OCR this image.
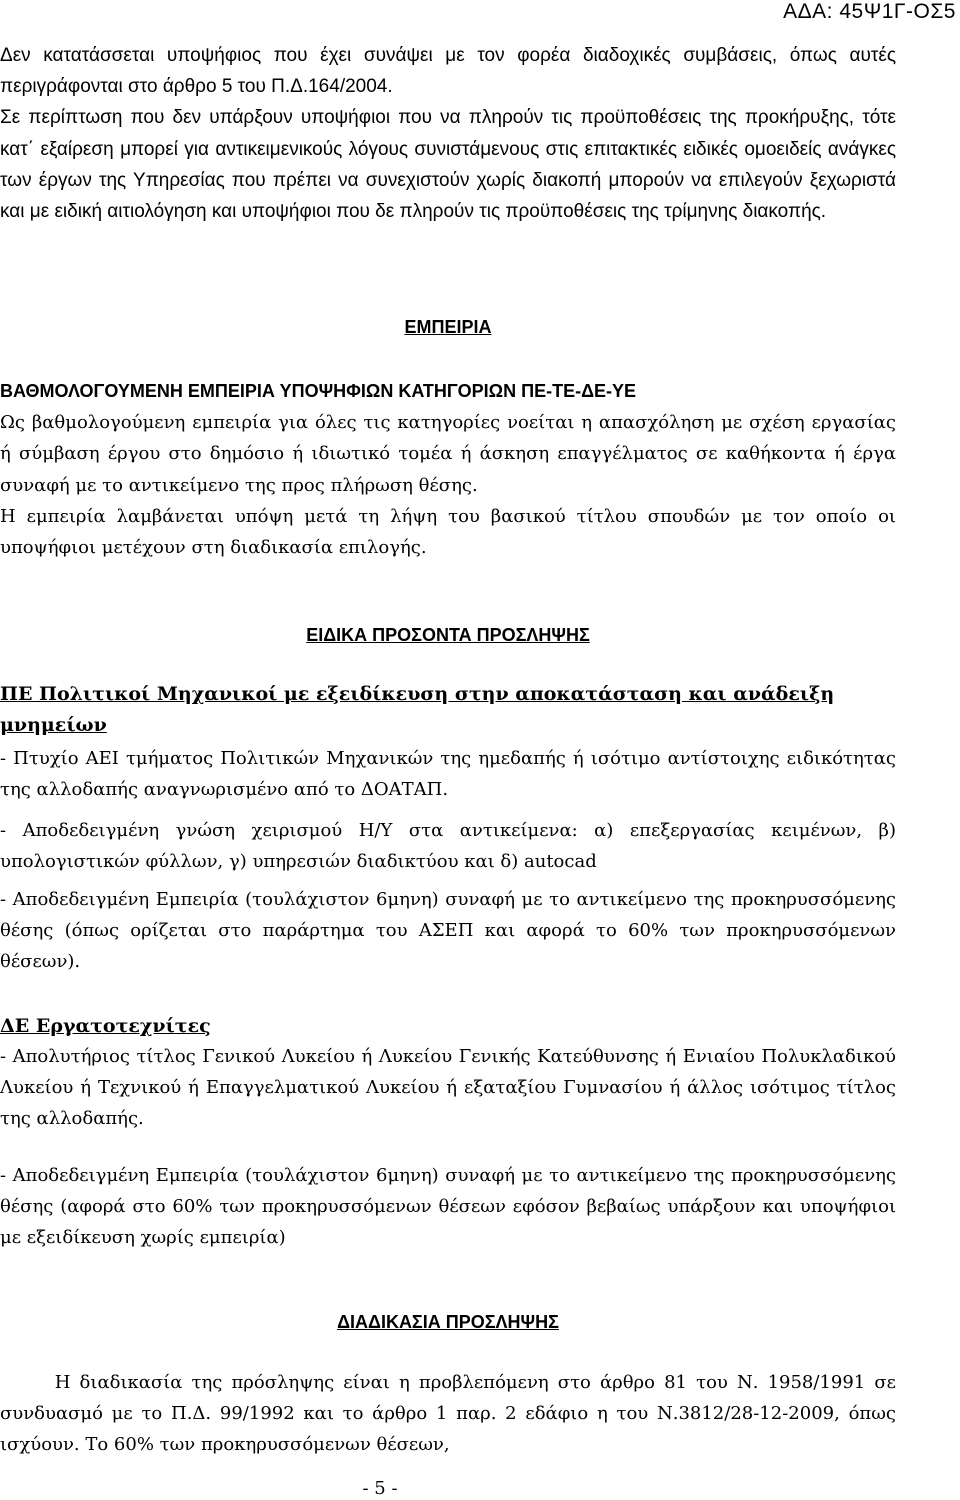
ΑΔΑ: 45Ψ1Γ-ΟΣ5

Δεν κατατάσσεται υποψήφιος που έχει συνάψει με τον φορέα διαδοχικές συμβάσεις, όπως αυτές περιγράφονται στο άρθρο 5 του Π.Δ.164/2004.

Σε περίπτωση που δεν υπάρξουν υποψήφιοι που να πληρούν τις προϋποθέσεις της προκήρυξης, τότε κατ΄ εξαίρεση μπορεί για αντικειμενικούς λόγους συνιστάμενους στις επιτακτικές ειδικές ομοειδείς ανάγκες των έργων της Υπηρεσίας που πρέπει να συνεχιστούν χωρίς διακοπή μπορούν να επιλεγούν ξεχωριστά και με ειδική αιτιολόγηση και υποψήφιοι που δε πληρούν τις προϋποθέσεις της τρίμηνης διακοπής.

ΕΜΠΕΙΡΙΑ

ΒΑΘΜΟΛΟΓΟΥΜΕΝΗ ΕΜΠΕΙΡΙΑ ΥΠΟΨΗΦΙΩΝ ΚΑΤΗΓΟΡΙΩΝ ΠΕ-ΤΕ-ΔΕ-ΥΕ

Ως βαθμολογούμενη εμπειρία για όλες τις κατηγορίες νοείται η απασχόληση με σχέση εργασίας ή σύμβαση έργου στο δημόσιο ή ιδιωτικό τομέα ή άσκηση επαγγέλματος σε καθήκοντα ή έργα συναφή με το αντικείμενο της προς πλήρωση θέσης.

Η εμπειρία λαμβάνεται υπόψη μετά τη λήψη του βασικού τίτλου σπουδών με τον οποίο οι υποψήφιοι μετέχουν στη διαδικασία επιλογής.

ΕΙΔΙΚΑ ΠΡΟΣΟΝΤΑ ΠΡΟΣΛΗΨΗΣ

ΠΕ Πολιτικοί Μηχανικοί με εξειδίκευση στην αποκατάσταση και ανάδειξη μνημείων

- Πτυχίο ΑΕΙ τμήματος Πολιτικών Μηχανικών της ημεδαπής ή ισότιμο αντίστοιχης ειδικότητας της αλλοδαπής αναγνωρισμένο από το ΔΟΑΤΑΠ.

- Αποδεδειγμένη γνώση χειρισμού Η/Υ στα αντικείμενα: α) επεξεργασίας κειμένων, β) υπολογιστικών φύλλων, γ) υπηρεσιών διαδικτύου και δ) autocad

- Αποδεδειγμένη Εμπειρία (τουλάχιστον 6μηνη) συναφή με το αντικείμενο της προκηρυσσόμενης θέσης (όπως ορίζεται στο παράρτημα του ΑΣΕΠ και αφορά το 60% των προκηρυσσόμενων θέσεων).

ΔΕ Εργατοτεχνίτες

- Απολυτήριος τίτλος Γενικού Λυκείου ή Λυκείου Γενικής Κατεύθυνσης ή Ενιαίου Πολυκλαδικού Λυκείου ή Τεχνικού ή Επαγγελματικού Λυκείου ή εξαταξίου Γυμνασίου ή άλλος ισότιμος τίτλος της αλλοδαπής.

- Αποδεδειγμένη Εμπειρία (τουλάχιστον 6μηνη) συναφή με το αντικείμενο της προκηρυσσόμενης θέσης (αφορά στο 60% των προκηρυσσόμενων θέσεων εφόσον βεβαίως υπάρξουν και υποψήφιοι με εξειδίκευση χωρίς εμπειρία)

ΔΙΑΔΙΚΑΣΙΑ ΠΡΟΣΛΗΨΗΣ

Η διαδικασία της πρόσληψης είναι η προβλεπόμενη στο άρθρο 81 του Ν. 1958/1991 σε συνδυασμό με το Π.Δ. 99/1992 και το άρθρο 1 παρ. 2 εδάφιο η του Ν.3812/28-12-2009, όπως ισχύουν. Το 60% των προκηρυσσόμενων θέσεων,

- 5 -
